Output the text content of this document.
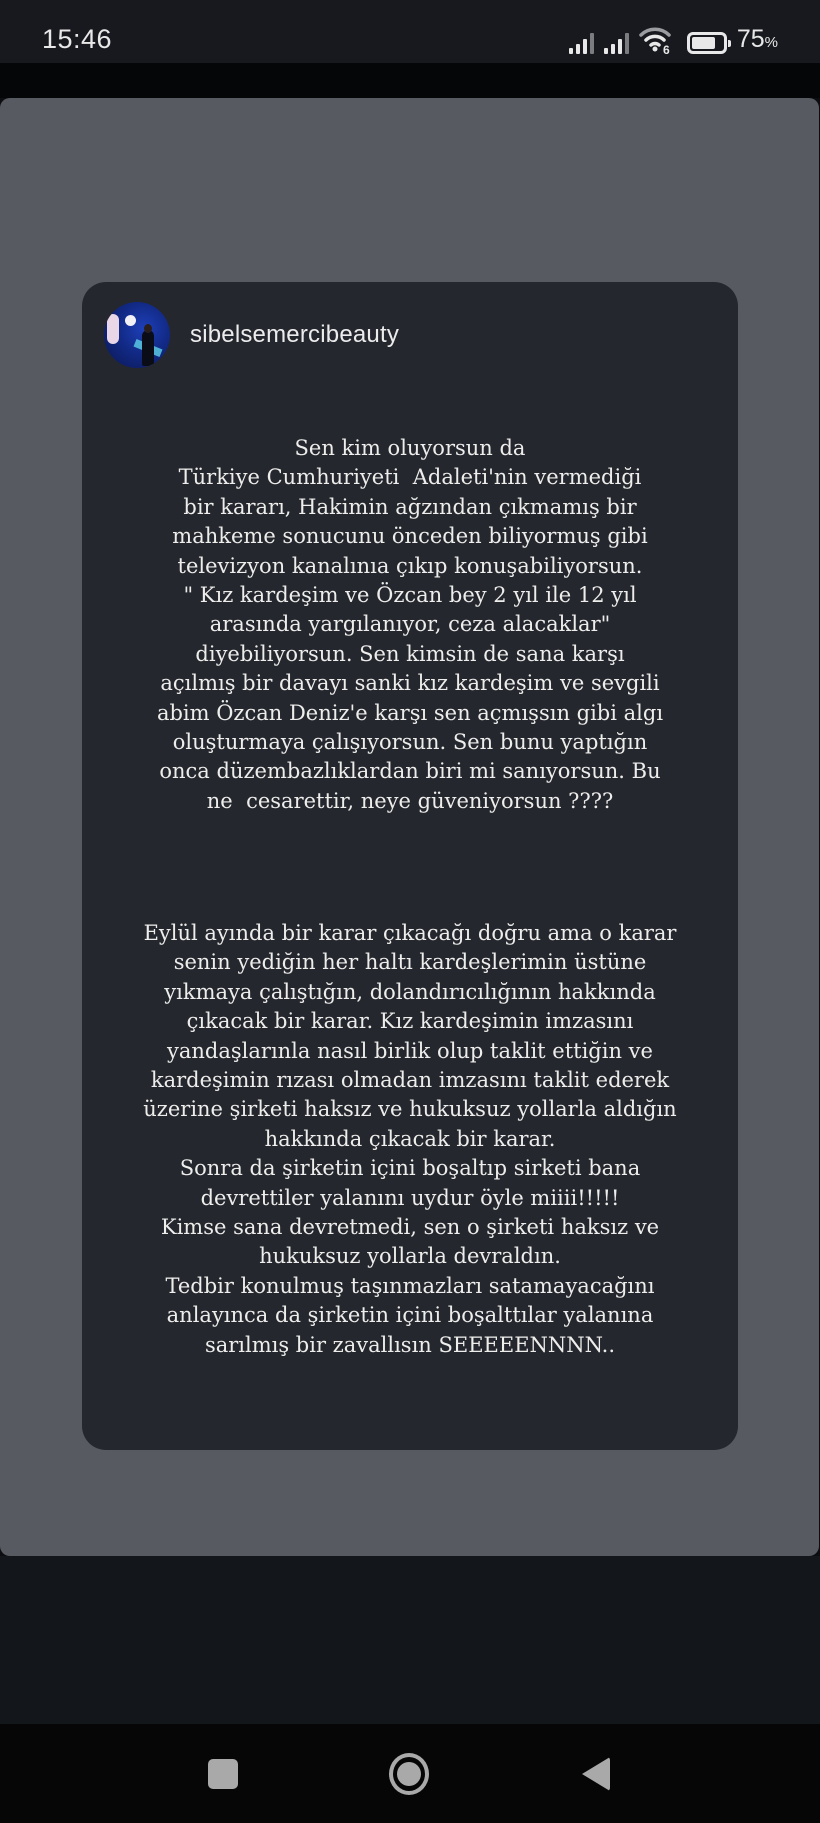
15:46	6	75%
sibelsemercibeauty
Sen kim oluyorsun da
Türkiye Cumhuriyeti  Adaleti'nin vermediği
bir kararı, Hakimin ağzından çıkmamış bir
mahkeme sonucunu önceden biliyormuş gibi
televizyon kanalınıa çıkıp konuşabiliyorsun.
" Kız kardeşim ve Özcan bey 2 yıl ile 12 yıl
arasında yargılanıyor, ceza alacaklar"
diyebiliyorsun. Sen kimsin de sana karşı
açılmış bir davayı sanki kız kardeşim ve sevgili
abim Özcan Deniz'e karşı sen açmışsın gibi algı
oluşturmaya çalışıyorsun. Sen bunu yaptığın
onca düzembazlıklardan biri mi sanıyorsun. Bu
ne  cesarettir, neye güveniyorsun ????
Eylül ayında bir karar çıkacağı doğru ama o karar
senin yediğin her haltı kardeşlerimin üstüne
yıkmaya çalıştığın, dolandırıcılığının hakkında
çıkacak bir karar. Kız kardeşimin imzasını
yandaşlarınla nasıl birlik olup taklit ettiğin ve
kardeşimin rızası olmadan imzasını taklit ederek
üzerine şirketi haksız ve hukuksuz yollarla aldığın
hakkında çıkacak bir karar.
Sonra da şirketin içini boşaltıp sirketi bana
devrettiler yalanını uydur öyle miiii!!!!!
Kimse sana devretmedi, sen o şirketi haksız ve
hukuksuz yollarla devraldın.
Tedbir konulmuş taşınmazları satamayacağını
anlayınca da şirketin içini boşalttılar yalanına
sarılmış bir zavallısın SEEEEENNNN..
